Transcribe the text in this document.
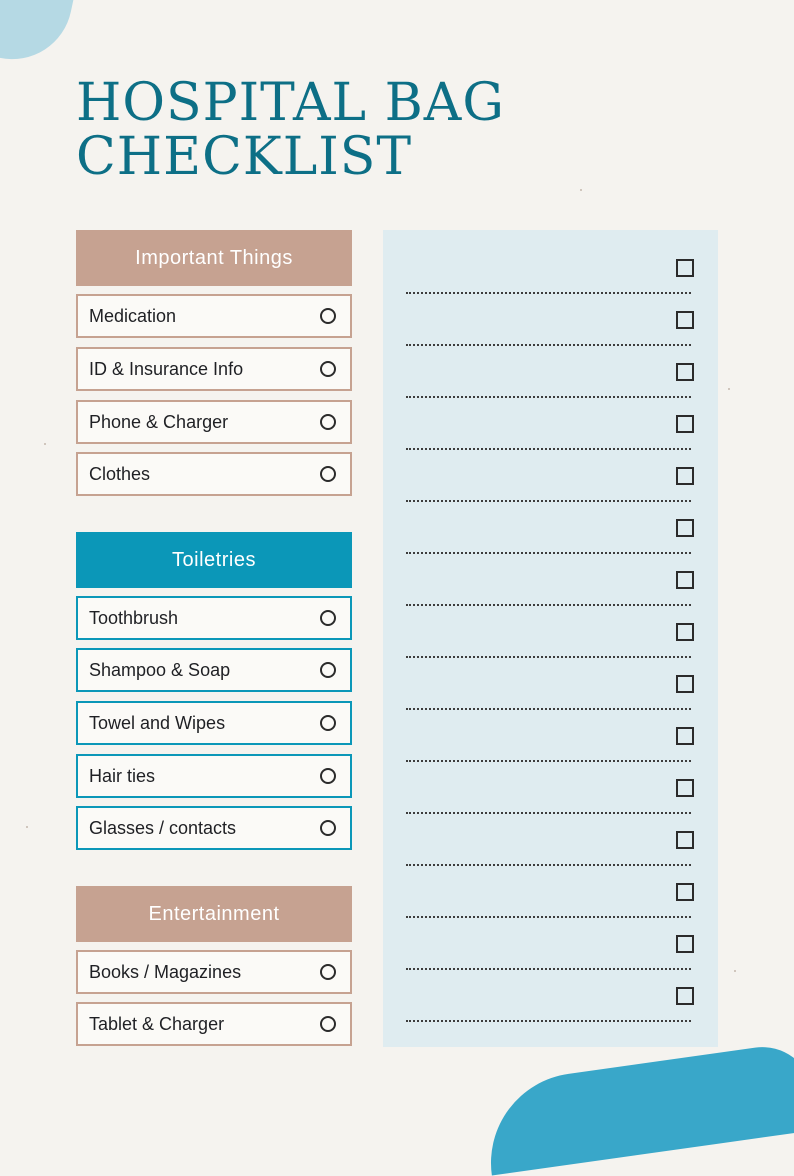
HOSPITAL BAG
CHECKLIST
Important Things
Medication
ID & Insurance Info
Phone & Charger
Clothes
Toiletries
Toothbrush
Shampoo & Soap
Towel and Wipes
Hair ties
Glasses / contacts
Entertainment
Books / Magazines
Tablet & Charger
